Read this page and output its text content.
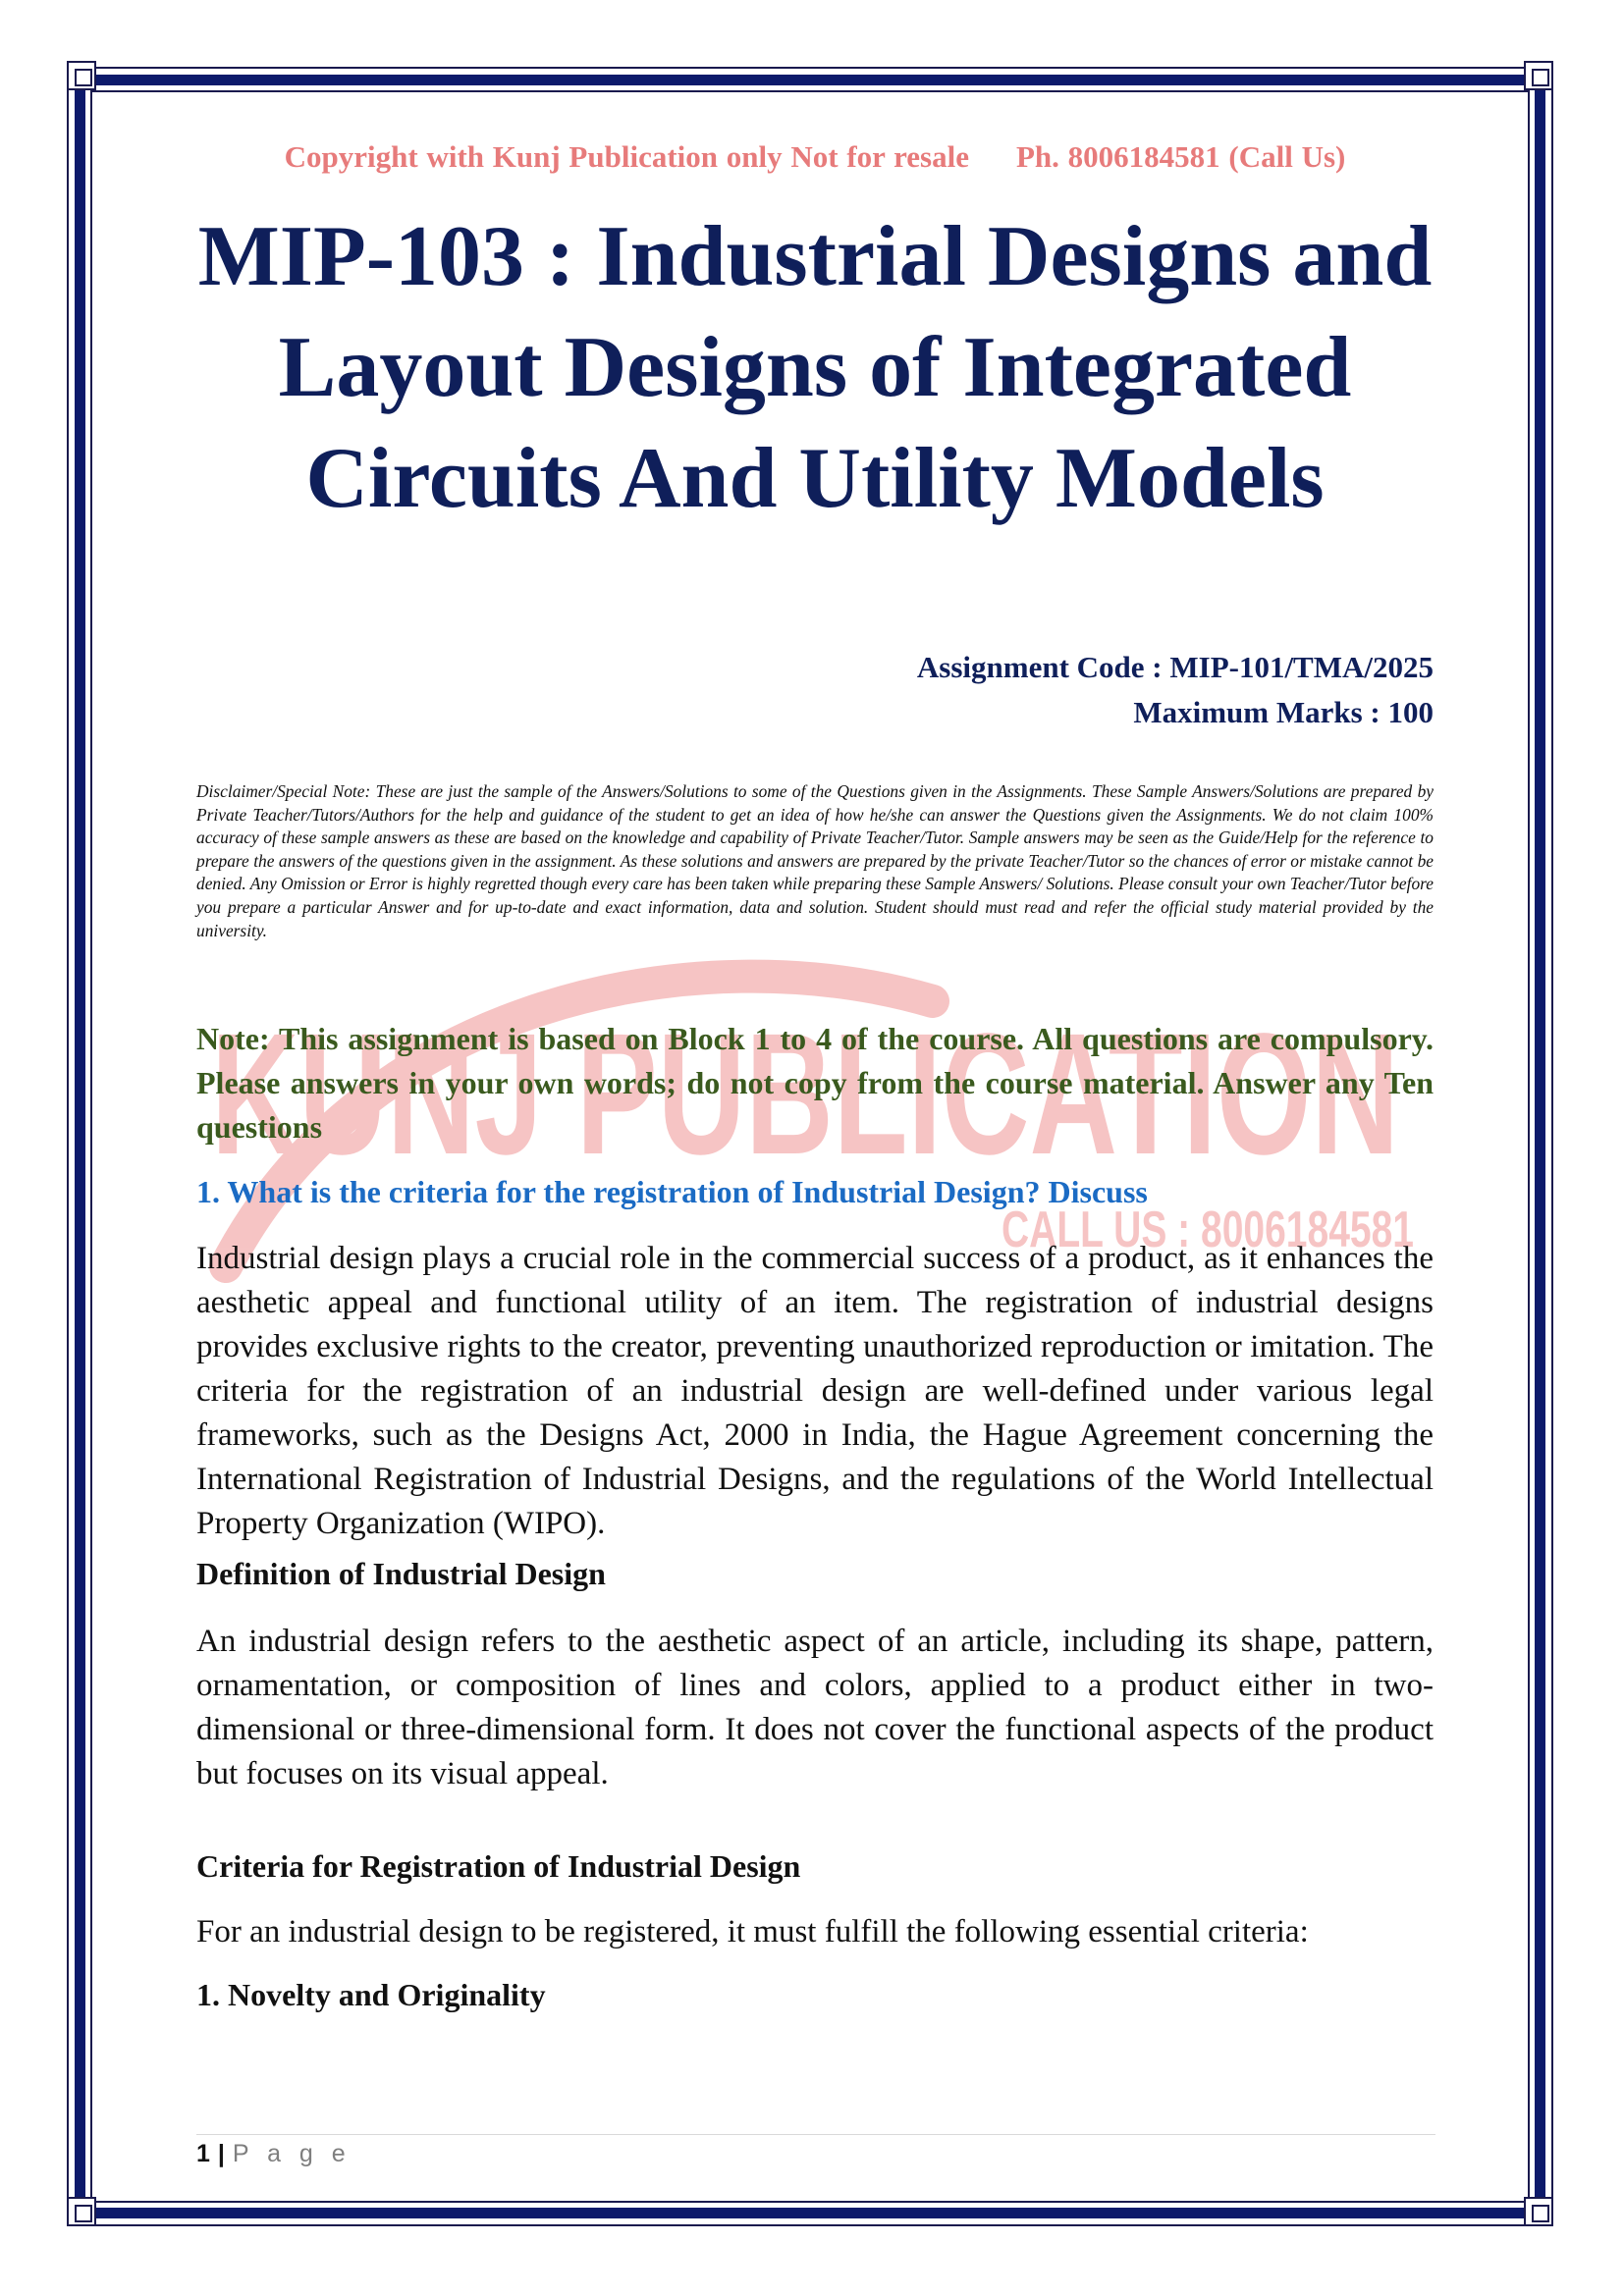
KUNJ PUBLICATION
CALL US : 8006184581
Copyright with Kunj Publication only Not for resale Ph. 8006184581 (Call Us)
MIP-103 : Industrial Designs and
Layout Designs of Integrated
Circuits And Utility Models
Assignment Code : MIP-101/TMA/2025
Maximum Marks : 100

Disclaimer/Special Note: These are just the sample of the Answers/Solutions to some of the Questions given in the Assignments. These Sample Answers/Solutions are prepared by Private Teacher/Tutors/Authors for the help and guidance of the student to get an idea of how he/she can answer the Questions given the Assignments. We do not claim 100% accuracy of these sample answers as these are based on the knowledge and capability of Private Teacher/Tutor. Sample answers may be seen as the Guide/Help for the reference to prepare the answers of the questions given in the assignment. As these solutions and answers are prepared by the private Teacher/Tutor so the chances of error or mistake cannot be denied. Any Omission or Error is highly regretted though every care has been taken while preparing these Sample Answers/ Solutions. Please consult your own Teacher/Tutor before you prepare a particular Answer and for up-to-date and exact information, data and solution. Student should must read and refer the official study material provided by the university.

Note: This assignment is based on Block 1 to 4 of the course. All questions are compulsory. Please answers in your own words; do not copy from the course material. Answer any Ten questions

1. What is the criteria for the registration of Industrial Design? Discuss

Industrial design plays a crucial role in the commercial success of a product, as it enhances the aesthetic appeal and functional utility of an item. The registration of industrial designs provides exclusive rights to the creator, preventing unauthorized reproduction or imitation. The criteria for the registration of an industrial design are well-defined under various legal frameworks, such as the Designs Act, 2000 in India, the Hague Agreement concerning the International Registration of Industrial Designs, and the regulations of the World Intellectual Property Organization (WIPO).

Definition of Industrial Design

An industrial design refers to the aesthetic aspect of an article, including its shape, pattern, ornamentation, or composition of lines and colors, applied to a product either in two-dimensional or three-dimensional form. It does not cover the functional aspects of the product but focuses on its visual appeal.

Criteria for Registration of Industrial Design

For an industrial design to be registered, it must fulfill the following essential criteria:

1. Novelty and Originality

1 | P a g e
